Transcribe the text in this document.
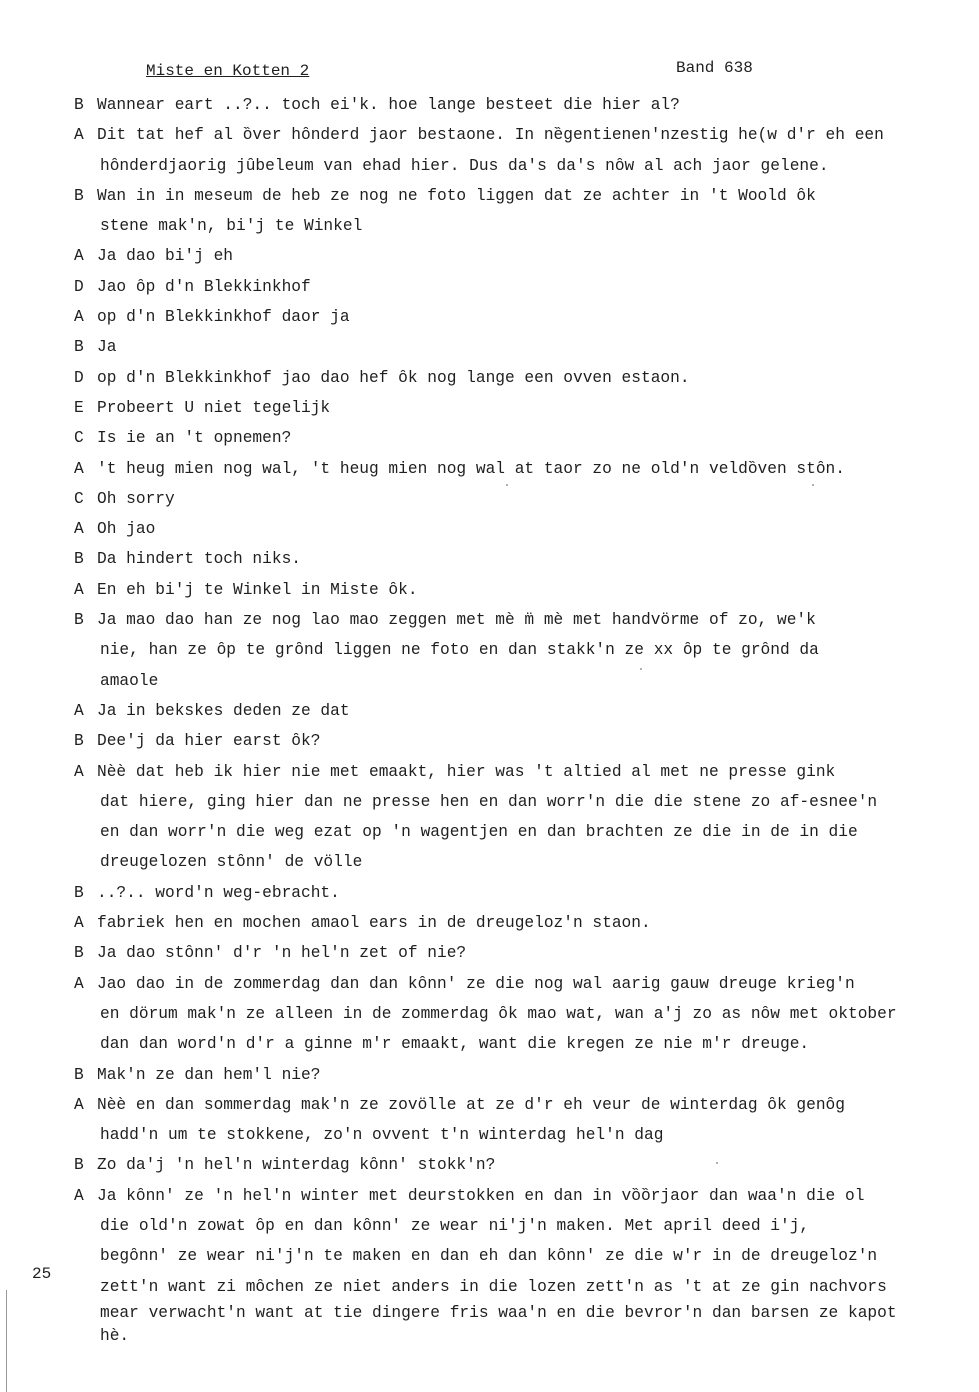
Miste en Kotten 2	Band 638
B Wannear eart ..?.. toch ei'k. hoe lange besteet die hier al?
A Dit tat hef al ȍver hȏnderd jaor bestaone. In nȅgentienen'nzestig he(w d'r eh een
hȏnderdjaorig jȗbeleum van ehad hier. Dus da's da's nȏw al ach jaor gelene.
B Wan in in meseum de heb ze nog ne foto liggen dat ze achter in 't Woold ȏk
stene mak'n, bi'j te Winkel
A Ja dao bi'j eh
D Jao ȏp d'n Blekkinkhof
A op d'n Blekkinkhof daor ja
B Ja
D op d'n Blekkinkhof jao dao hef ȏk nog lange een ovven estaon.
E Probeert U niet tegelijk
C Is ie an 't opnemen?
A 't heug mien nog wal, 't heug mien nog wal at taor zo ne old'n veldȍven stȏn.
C Oh sorry
A Oh jao
B Da hindert toch niks.
A En eh bi'j te Winkel in Miste ȏk.
B Ja mao dao han ze nog lao mao zeggen met mè m̈ mè met handvӧrme of zo, we'k
nie, han ze ȏp te grȏnd liggen ne foto en dan stakk'n ze xx ȏp te grȏnd da
amaole
A Ja in bekskes deden ze dat
B Dee'j da hier earst ȏk?
A Nèè dat heb ik hier nie met emaakt, hier was 't altied al met ne presse gink
dat hiere, ging hier dan ne presse hen en dan worr'n die die stene zo af-esnee'n
en dan worr'n die weg ezat op 'n wagentjen en dan brachten ze die in de in die
dreugelozen stȏnn' de vӧlle
B ..?.. word'n weg-ebracht.
A fabriek hen en mochen amaol ears in de dreugeloz'n staon.
B Ja dao stȏnn' d'r 'n hel'n zet of nie?
A Jao dao in de zommerdag dan dan kȏnn' ze die nog wal aarig gauw dreuge krieg'n
en dӧrum mak'n ze alleen in de zommerdag ȏk mao wat, wan a'j zo as nȏw met oktober
dan dan word'n d'r a ginne m'r emaakt, want die kregen ze nie m'r dreuge.
B Mak'n ze dan hem'l nie?
A Nèè en dan sommerdag mak'n ze zovӧlle at ze d'r eh veur de winterdag ȏk genȏg
hadd'n um te stokkene, zo'n ovvent t'n winterdag hel'n dag
B Zo da'j 'n hel'n winterdag kȏnn' stokk'n?
A Ja kȏnn' ze 'n hel'n winter met deurstokken en dan in vȍȍrjaor dan waa'n die ol
die old'n zowat ȏp en dan kȏnn' ze wear ni'j'n maken. Met april deed i'j,
begȏnn' ze wear ni'j'n te maken en dan eh dan kȏnn' ze die w'r in de dreugeloz'n
zett'n want zi mȏchen ze niet anders in die lozen zett'n as 't at ze gin nachvors
mear verwacht'n want at tie dingere fris waa'n en die bevror'n dan barsen ze kapot
hè.
25
